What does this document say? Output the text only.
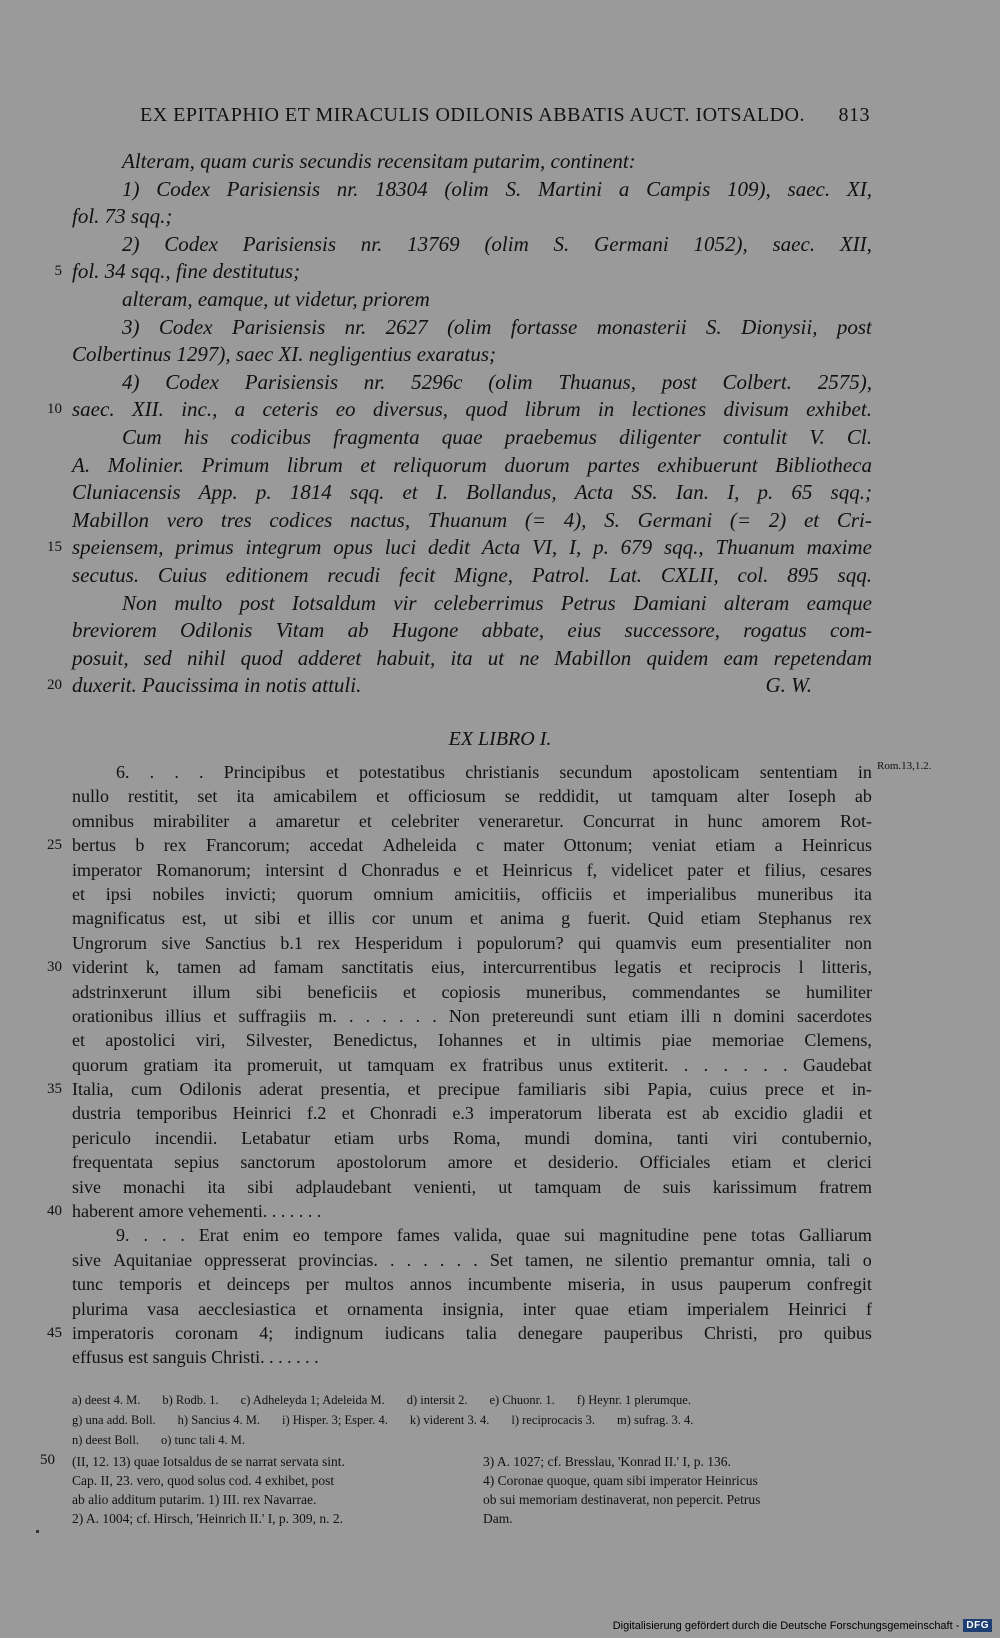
EX EPITAPHIO ET MIRACULIS ODILONIS ABBATIS AUCT. IOTSALDO. 813
Alteram, quam curis secundis recensitam putarim, continent:
1) Codex Parisiensis nr. 18304 (olim S. Martini a Campis 109), saec. XI,
fol. 73 sqq.;
2) Codex Parisiensis nr. 13769 (olim S. Germani 1052), saec. XII,
5 fol. 34 sqq., fine destitutus;
alteram, eamque, ut videtur, priorem
3) Codex Parisiensis nr. 2627 (olim fortasse monasterii S. Dionysii, post
Colbertinus 1297), saec XI. negligentius exaratus;
4) Codex Parisiensis nr. 5296c (olim Thuanus, post Colbert. 2575),
10 saec. XII. inc., a ceteris eo diversus, quod librum in lectiones divisum exhibet.
Cum his codicibus fragmenta quae praebemus diligenter contulit V. Cl.
A. Molinier. Primum librum et reliquorum duorum partes exhibuerunt Bibliotheca
Cluniacensis App. p. 1814 sqq. et I. Bollandus, Acta SS. Ian. I, p. 65 sqq.;
Mabillon vero tres codices nactus, Thuanum (= 4), S. Germani (= 2) et Cri-
15 speiensem, primus integrum opus luci dedit Acta VI, I, p. 679 sqq., Thuanum maxime
secutus. Cuius editionem recudi fecit Migne, Patrol. Lat. CXLII, col. 895 sqq.
Non multo post Iotsaldum vir celeberrimus Petrus Damiani alteram eamque
breviorem Odilonis Vitam ab Hugone abbate, eius successore, rogatus com-
posuit, sed nihil quod adderet habuit, ita ut ne Mabillon quidem eam repetendam
20 duxerit. Paucissima in notis attuli.	G. W.
EX LIBRO I.
Rom.13,1.2.
6. . . . Principibus et potestatibus christianis secundum apostolicam sententiam in
nullo restitit, set ita amicabilem et officiosum se reddidit, ut tamquam alter Ioseph ab
omnibus mirabiliter a amaretur et celebriter veneraretur. Concurrat in hunc amorem Rot-
25 bertus b rex Francorum; accedat Adheleida c mater Ottonum; veniat etiam a Heinricus
imperator Romanorum; intersint d Chonradus e et Heinricus f, videlicet pater et filius, cesares
et ipsi nobiles invicti; quorum omnium amicitiis, officiis et imperialibus muneribus ita
magnificatus est, ut sibi et illis cor unum et anima g fuerit. Quid etiam Stephanus rex
Ungrorum sive Sanctius b.1 rex Hesperidum i populorum? qui quamvis eum presentialiter non
30 viderint k, tamen ad famam sanctitatis eius, intercurrentibus legatis et reciprocis l litteris,
adstrinxerunt illum sibi beneficiis et copiosis muneribus, commendantes se humiliter
orationibus illius et suffragiis m. . . . . . . Non pretereundi sunt etiam illi n domini sacerdotes
et apostolici viri, Silvester, Benedictus, Iohannes et in ultimis piae memoriae Clemens,
quorum gratiam ita promeruit, ut tamquam ex fratribus unus extiterit. . . . . . . Gaudebat
35 Italia, cum Odilonis aderat presentia, et precipue familiaris sibi Papia, cuius prece et in-
dustria temporibus Heinrici f.2 et Chonradi e.3 imperatorum liberata est ab excidio gladii et
periculo incendii. Letabatur etiam urbs Roma, mundi domina, tanti viri contubernio,
frequentata sepius sanctorum apostolorum amore et desiderio. Officiales etiam et clerici
sive monachi ita sibi adplaudebant venienti, ut tamquam de suis karissimum fratrem
40 haberent amore vehementi. . . . . . .
9. . . . Erat enim eo tempore fames valida, quae sui magnitudine pene totas Galliarum
sive Aquitaniae oppresserat provincias. . . . . . . Set tamen, ne silentio premantur omnia, tali o
tunc temporis et deinceps per multos annos incumbente miseria, in usus pauperum confregit
plurima vasa aecclesiastica et ornamenta insignia, inter quae etiam imperialem Heinrici f
45 imperatoris coronam 4; indignum iudicans talia denegare pauperibus Christi, pro quibus
effusus est sanguis Christi. . . . . . .
a) deest 4. M. b) Rodb. 1. c) Adheleyda 1; Adeleida M. d) intersit 2. e) Chuonr. 1. f) Heynr. 1 plerumque.
g) una add. Boll. h) Sancius 4. M. i) Hisper. 3; Esper. 4. k) viderent 3. 4. l) reciprocacis 3. m) sufrag. 3. 4.
n) deest Boll. o) tunc tali 4. M.
50 (II, 12. 13) quae Iotsaldus de se narrat servata sint.
Cap. II, 23. vero, quod solus cod. 4 exhibet, post
ab alio additum putarim. 1) III. rex Navarrae.
2) A. 1004; cf. Hirsch, 'Heinrich II.' I, p. 309, n. 2.
3) A. 1027; cf. Bresslau, 'Konrad II.' I, p. 136.
4) Coronae quoque, quam sibi imperator Heinricus
ob sui memoriam destinaverat, non pepercit. Petrus
Dam.
Digitalisierung gefördert durch die Deutsche Forschungsgemeinschaft - DFG
